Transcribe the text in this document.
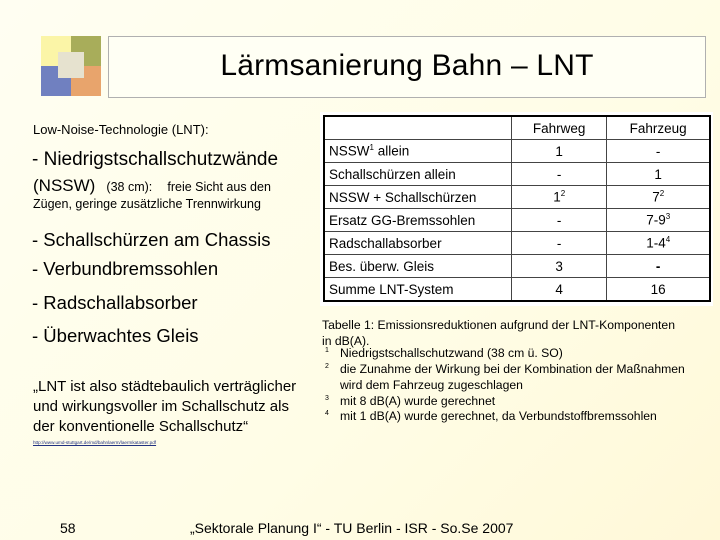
Lärmsanierung Bahn – LNT
Low-Noise-Technologie (LNT):
- Niedrigstschallschutzwände
(NSSW) (38 cm): freie Sicht aus den
Zügen, geringe zusätzliche Trennwirkung
- Schallschürzen am Chassis
- Verbundbremssohlen
- Radschallabsorber
- Überwachtes Gleis
„LNT ist also städtebaulich verträglicher
und wirkungsvoller im Schallschutz als
der konventionelle Schallschutz“
http://www.umd-stuttgart.de/md/bahnlaerm/laermkataster.pdf
	Fahrweg	Fahrzeug
NSSW$^1$ allein	1	-
Schallschürzen allein	-	1
NSSW + Schallschürzen	$1^2$	$7^2$
Ersatz GG-Bremssohlen	-	$7-9^3$
Radschallabsorber	-	$1-4^4$
Bes. überw. Gleis	3	-
Summe LNT-System	4	16
Tabelle 1: Emissionsreduktionen aufgrund der LNT-Komponenten
in dB(A).
1 Niedrigstschallschutzwand (38 cm ü. SO)
2 die Zunahme der Wirkung bei der Kombination der Maßnahmen
wird dem Fahrzeug zugeschlagen
3 mit 8 dB(A) wurde gerechnet
4 mit 1 dB(A) wurde gerechnet, da Verbundstoffbremssohlen
58	„Sektorale Planung I“ - TU Berlin - ISR - So.Se 2007
